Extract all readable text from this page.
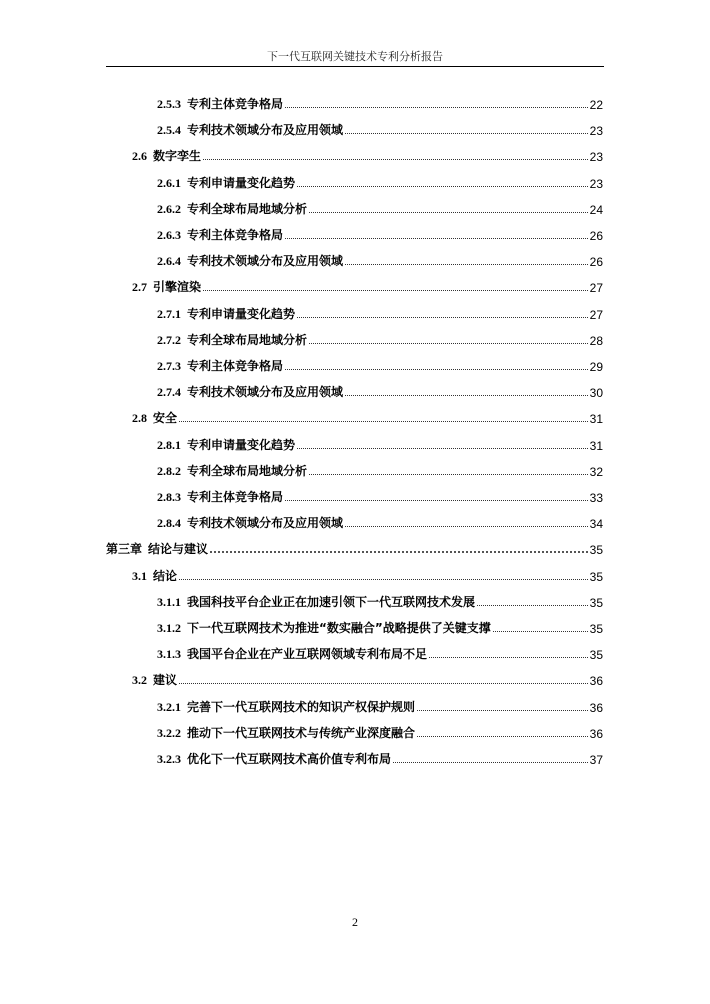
下一代互联网关键技术专利分析报告
2.5.3 专利主体竞争格局	22
2.5.4 专利技术领域分布及应用领域	23
2.6 数字孪生	23
2.6.1 专利申请量变化趋势	23
2.6.2 专利全球布局地域分析	24
2.6.3 专利主体竞争格局	26
2.6.4 专利技术领域分布及应用领域	26
2.7 引擎渲染	27
2.7.1 专利申请量变化趋势	27
2.7.2 专利全球布局地域分析	28
2.7.3 专利主体竞争格局	29
2.7.4 专利技术领域分布及应用领域	30
2.8 安全	31
2.8.1 专利申请量变化趋势	31
2.8.2 专利全球布局地域分析	32
2.8.3 专利主体竞争格局	33
2.8.4 专利技术领域分布及应用领域	34
第三章 结论与建议	35
3.1 结论	35
3.1.1 我国科技平台企业正在加速引领下一代互联网技术发展	35
3.1.2 下一代互联网技术为推进“数实融合”战略提供了关键支撑	35
3.1.3 我国平台企业在产业互联网领域专利布局不足	35
3.2 建议	36
3.2.1 完善下一代互联网技术的知识产权保护规则	36
3.2.2 推动下一代互联网技术与传统产业深度融合	36
3.2.3 优化下一代互联网技术高价值专利布局	37
2
